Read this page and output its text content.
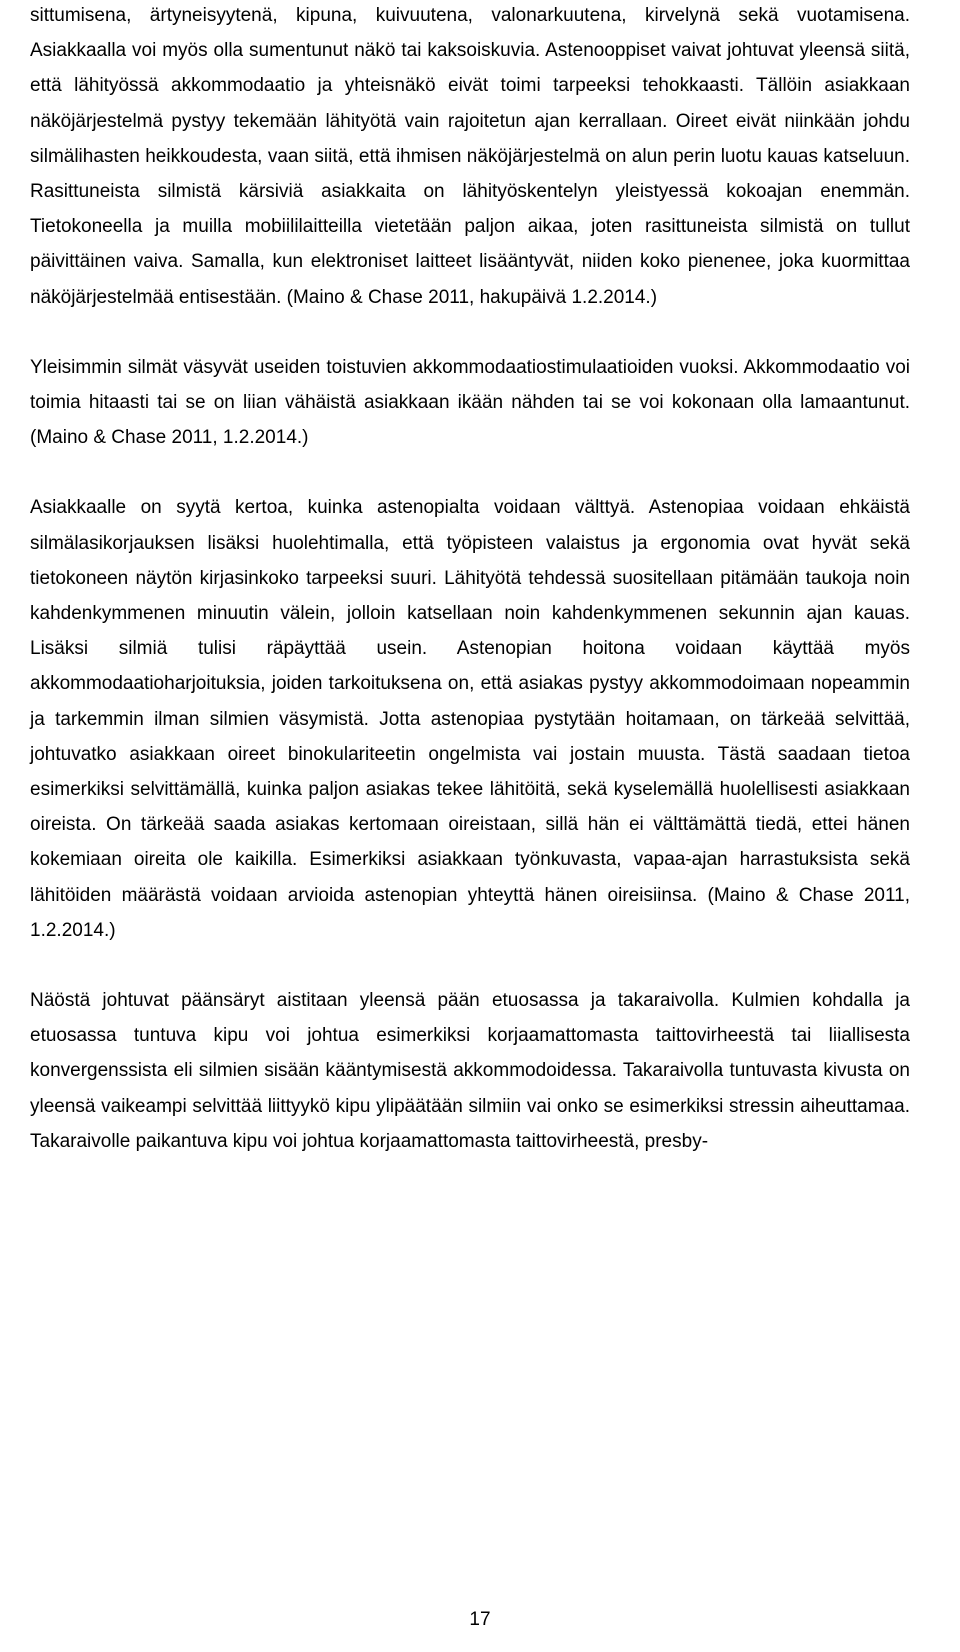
sittumisena, ärtyneisyytenä, kipuna, kuivuutena, valonarkuutena, kirvelynä sekä vuotamisena. Asiakkaalla voi myös olla sumentunut näkö tai kaksoiskuvia. Astenooppiset vaivat johtuvat yleensä siitä, että lähityössä akkommodaatio ja yhteisnäkö eivät toimi tarpeeksi tehokkaasti. Tällöin asiakkaan näköjärjestelmä pystyy tekemään lähityötä vain rajoitetun ajan kerrallaan. Oireet eivät niinkään johdu silmälihasten heikkoudesta, vaan siitä, että ihmisen näköjärjestelmä on alun perin luotu kauas katseluun. Rasittuneista silmistä kärsiviä asiakkaita on lähityöskentelyn yleistyessä kokoajan enemmän. Tietokoneella ja muilla mobiililaitteilla vietetään paljon aikaa, joten rasittuneista silmistä on tullut päivittäinen vaiva. Samalla, kun elektroniset laitteet lisääntyvät, niiden koko pienenee, joka kuormittaa näköjärjestelmää entisestään. (Maino & Chase 2011, hakupäivä 1.2.2014.)

Yleisimmin silmät väsyvät useiden toistuvien akkommodaatiostimulaatioiden vuoksi. Akkommodaatio voi toimia hitaasti tai se on liian vähäistä asiakkaan ikään nähden tai se voi kokonaan olla lamaantunut. (Maino & Chase 2011, 1.2.2014.)

Asiakkaalle on syytä kertoa, kuinka astenopialta voidaan välttyä. Astenopiaa voidaan ehkäistä silmälasikorjauksen lisäksi huolehtimalla, että työpisteen valaistus ja ergonomia ovat hyvät sekä tietokoneen näytön kirjasinkoko tarpeeksi suuri. Lähityötä tehdessä suositellaan pitämään taukoja noin kahdenkymmenen minuutin välein, jolloin katsellaan noin kahdenkymmenen sekunnin ajan kauas. Lisäksi silmiä tulisi räpäyttää usein. Astenopian hoitona voidaan käyttää myös akkommodaatioharjoituksia, joiden tarkoituksena on, että asiakas pystyy akkommodoimaan nopeammin ja tarkemmin ilman silmien väsymistä. Jotta astenopiaa pystytään hoitamaan, on tärkeää selvittää, johtuvatko asiakkaan oireet binokulariteetin ongelmista vai jostain muusta. Tästä saadaan tietoa esimerkiksi selvittämällä, kuinka paljon asiakas tekee lähitöitä, sekä kyselemällä huolellisesti asiakkaan oireista. On tärkeää saada asiakas kertomaan oireistaan, sillä hän ei välttämättä tiedä, ettei hänen kokemiaan oireita ole kaikilla. Esimerkiksi asiakkaan työnkuvasta, vapaa-ajan harrastuksista sekä lähitöiden määrästä voidaan arvioida astenopian yhteyttä hänen oireisiinsa. (Maino & Chase 2011, 1.2.2014.)

Näöstä johtuvat päänsäryt aistitaan yleensä pään etuosassa ja takaraivolla. Kulmien kohdalla ja etuosassa tuntuva kipu voi johtua esimerkiksi korjaamattomasta taittovirheestä tai liiallisesta konvergenssista eli silmien sisään kääntymisestä akkommodoidessa. Takaraivolla tuntuvasta kivusta on yleensä vaikeampi selvittää liittyykö kipu ylipäätään silmiin vai onko se esimerkiksi stressin aiheuttamaa. Takaraivolle paikantuva kipu voi johtua korjaamattomasta taittovirheestä, presby-

17
